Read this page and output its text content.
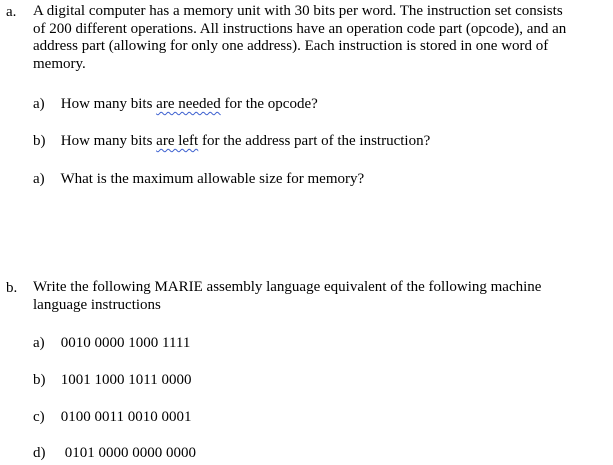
a. A digital computer has a memory unit with 30 bits per word. The instruction set consists
of 200 different operations. All instructions have an operation code part (opcode), and an
address part (allowing for only one address). Each instruction is stored in one word of
memory.
a) How many bits are needed for the opcode?
b) How many bits are left for the address part of the instruction?
a) What is the maximum allowable size for memory?
b. Write the following MARIE assembly language equivalent of the following machine
language instructions
a) 0010 0000 1000 1111
b) 1001 1000 1011 0000
c) 0100 0011 0010 0001
d) 0101 0000 0000 0000
